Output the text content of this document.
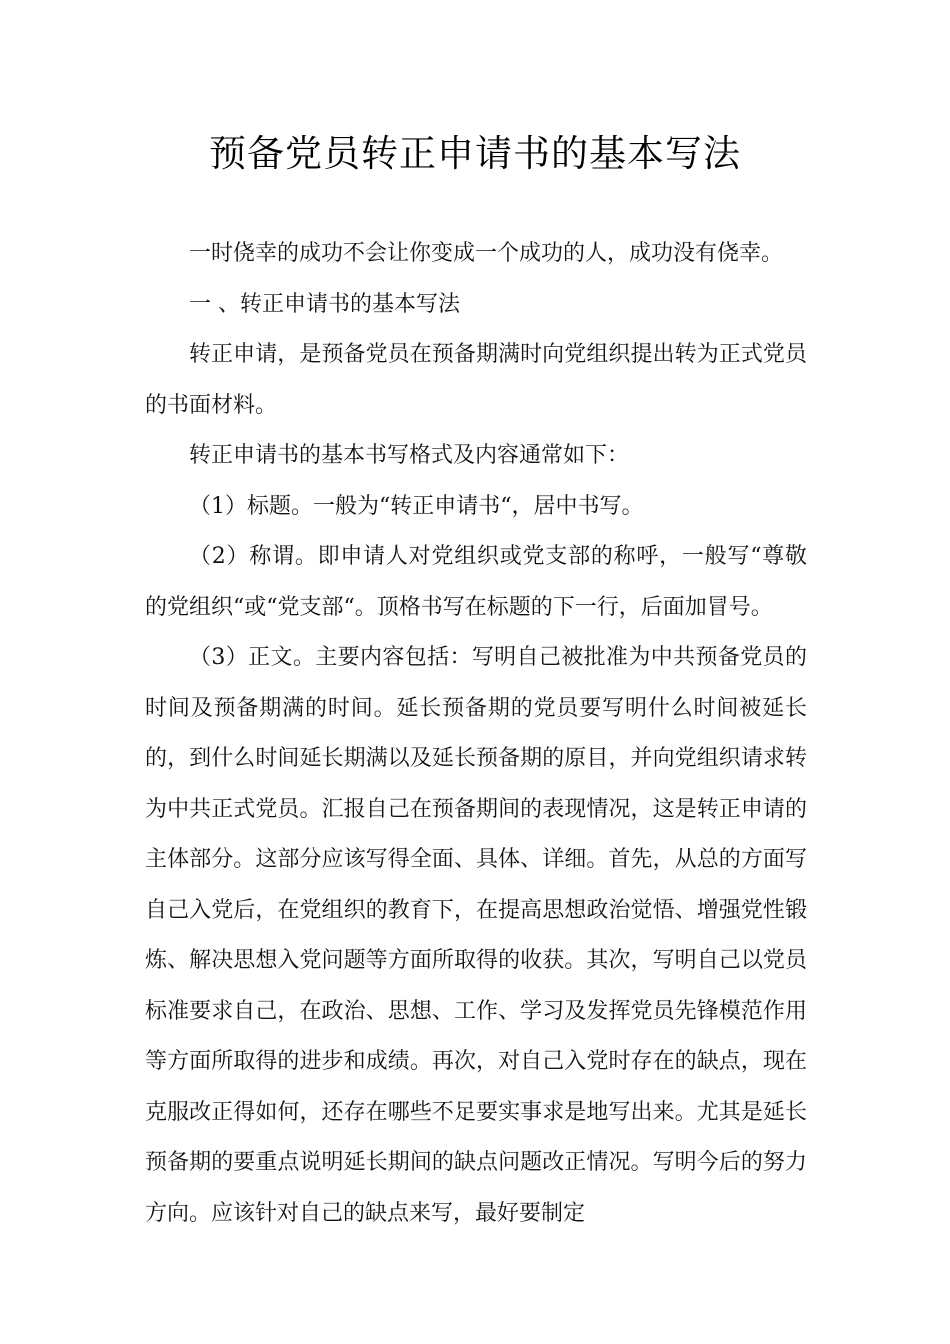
预备党员转正申请书的基本写法

一时侥幸的成功不会让你变成一个成功的人，成功没有侥幸。

一 、转正申请书的基本写法

转正申请，是预备党员在预备期满时向党组织提出转为正式党员的书面材料。

转正申请书的基本书写格式及内容通常如下：

（1）标题。一般为“转正申请书“，居中书写。

（2）称谓。即申请人对党组织或党支部的称呼，一般写“尊敬的党组织“或“党支部“。顶格书写在标题的下一行，后面加冒号。

（3）正文。主要内容包括：写明自己被批准为中共预备党员的时间及预备期满的时间。延长预备期的党员要写明什么时间被延长的，到什么时间延长期满以及延长预备期的原目，并向党组织请求转为中共正式党员。汇报自己在预备期间的表现情况，这是转正申请的主体部分。这部分应该写得全面、具体、详细。首先，从总的方面写自己入党后，在党组织的教育下，在提高思想政治觉悟、增强党性锻炼、解决思想入党问题等方面所取得的收获。其次，写明自己以党员标准要求自己，在政治、思想、工作、学习及发挥党员先锋模范作用等方面所取得的进步和成绩。再次，对自己入党时存在的缺点，现在克服改正得如何，还存在哪些不足要实事求是地写出来。尤其是延长预备期的要重点说明延长期间的缺点问题改正情况。写明今后的努力方向。应该针对自己的缺点来写，最好要制定
